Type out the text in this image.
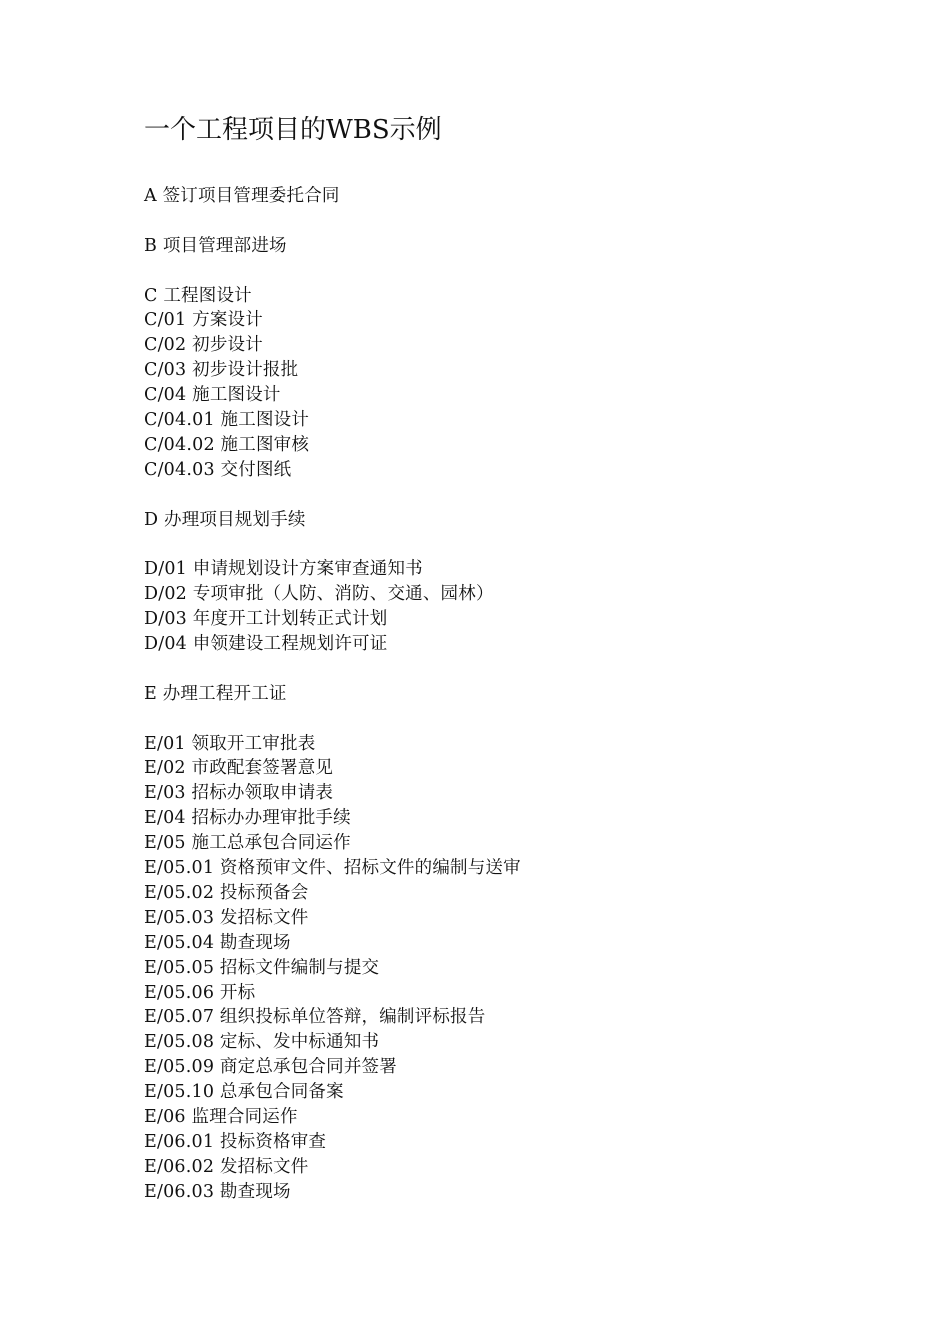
一个工程项目的WBS示例
A 签订项目管理委托合同
B 项目管理部进场
C 工程图设计
C/01 方案设计
C/02 初步设计
C/03 初步设计报批
C/04 施工图设计
C/04.01 施工图设计
C/04.02 施工图审核
C/04.03 交付图纸
D 办理项目规划手续
D/01 申请规划设计方案审查通知书
D/02 专项审批（人防、消防、交通、园林）
D/03 年度开工计划转正式计划
D/04 申领建设工程规划许可证
E 办理工程开工证
E/01 领取开工审批表
E/02 市政配套签署意见
E/03 招标办领取申请表
E/04 招标办办理审批手续
E/05 施工总承包合同运作
E/05.01 资格预审文件、招标文件的编制与送审
E/05.02 投标预备会
E/05.03 发招标文件
E/05.04 勘查现场
E/05.05 招标文件编制与提交
E/05.06 开标
E/05.07 组织投标单位答辩，编制评标报告
E/05.08 定标、发中标通知书
E/05.09 商定总承包合同并签署
E/05.10 总承包合同备案
E/06 监理合同运作
E/06.01 投标资格审查
E/06.02 发招标文件
E/06.03 勘查现场
